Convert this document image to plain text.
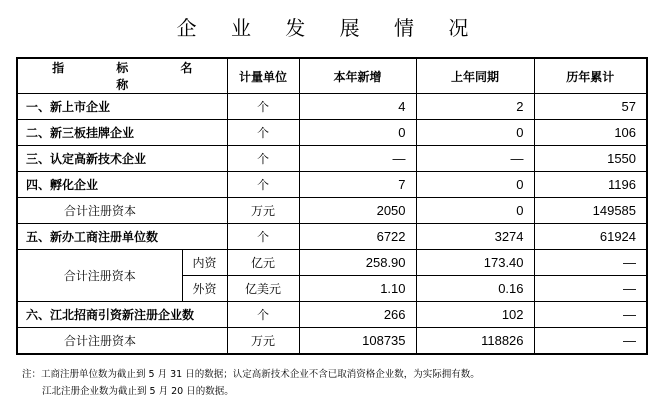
企 业 发 展 情 况
指 标 名 称		计量单位	本年新增	上年同期	历年累计
一、新上市企业		个	4	2	57
二、新三板挂牌企业		个	0	0	106
三、认定高新技术企业		个	—	—	1550
四、孵化企业		个	7	0	1196
合计注册资本		万元	2050	0	149585
五、新办工商注册单位数		个	6722	3274	61924
合计注册资本	内资	亿元	258.90	173.40	—
	外资	亿美元	1.10	0.16	—
六、江北招商引资新注册企业数		个	266	102	—
合计注册资本		万元	108735	118826	—
注：工商注册单位数为截止到 5 月 31 日的数据；认定高新技术企业不含已取消资格企业数，为实际拥有数。
江北注册企业数为截止到 5 月 20 日的数据。
